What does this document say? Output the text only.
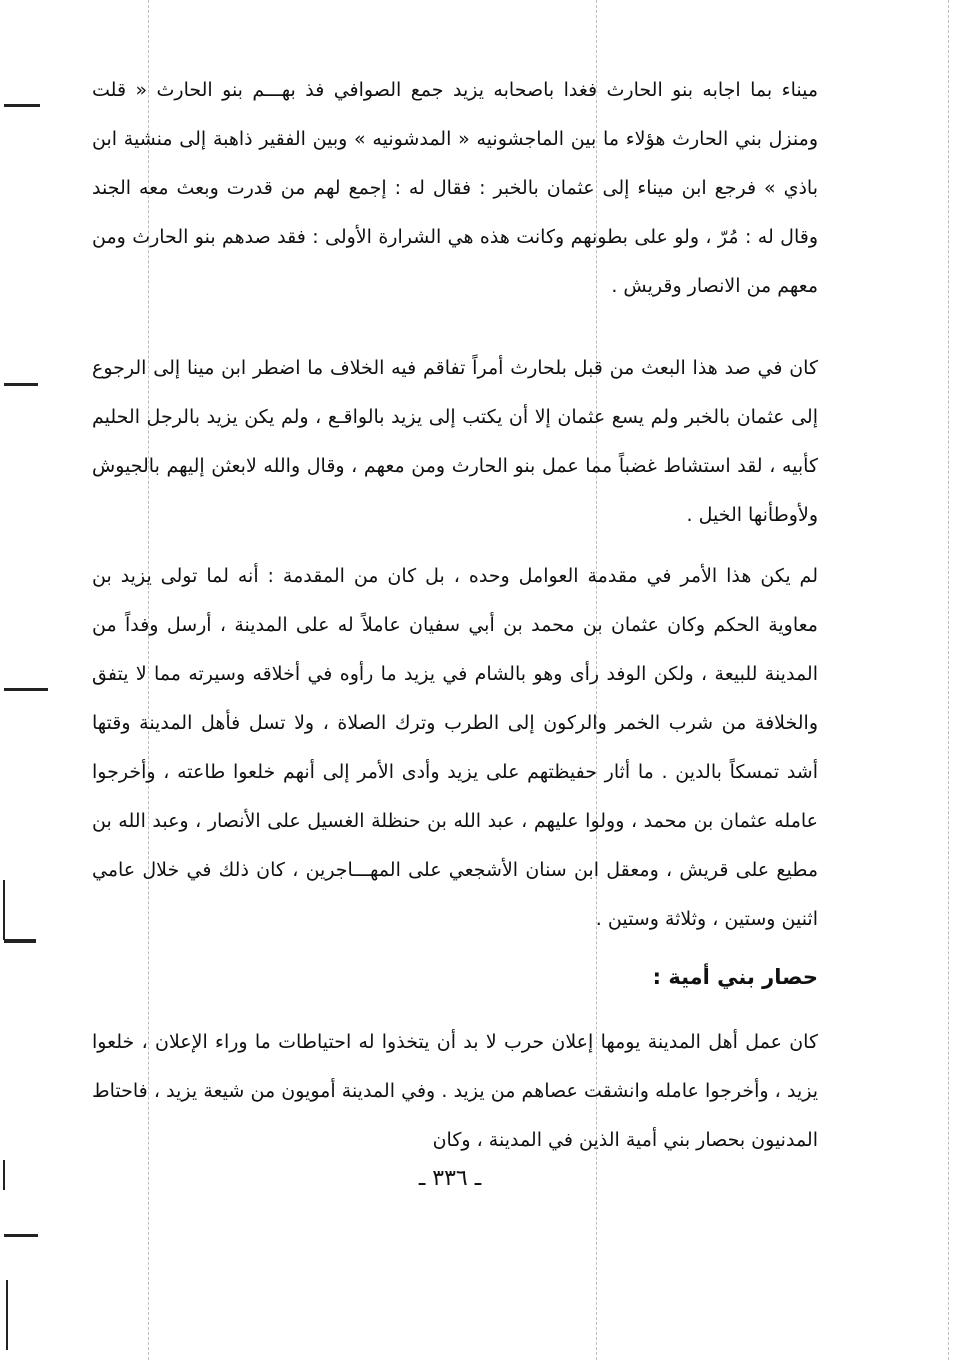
ميناء بما اجابه بنو الحارث فغدا باصحابه يزيد جمع الصوافي فذ بهـــم بنو الحارث « قلت ومنزل بني الحارث هؤلاء ما بين الماجشونيه « المدشونيه » وبين الفقير ذاهبة إلى منشية ابن باذي » فرجع ابن ميناء إلى عثمان بالخبر : فقال له : إجمع لهم من قدرت وبعث معه الجند وقال له : مُرّ ، ولو على بطونهم وكانت هذه هي الشرارة الأولى : فقد صدهم بنو الحارث ومن معهم من الانصار وقريش .

كان في صد هذا البعث من قبل بلحارث أمراً تفاقم فيه الخلاف ما اضطر ابن مينا إلى الرجوع إلى عثمان بالخبر ولم يسع عثمان إلا أن يكتب إلى يزيد بالواقـع ، ولم يكن يزيد بالرجل الحليم كأبيه ، لقد استشاط غضباً مما عمل بنو الحارث ومن معهم ، وقال والله لابعثن إليهم بالجيوش ولأوطأنها الخيل .

لم يكن هذا الأمر في مقدمة العوامل وحده ، بل كان من المقدمة : أنه لما تولى يزيد بن معاوية الحكم وكان عثمان بن محمد بن أبي سفيان عاملاً له على المدينة ، أرسل وفداً من المدينة للبيعة ، ولكن الوفد رأى وهو بالشام في يزيد ما رأوه في أخلاقه وسيرته مما لا يتفق والخلافة من شرب الخمر والركون إلى الطرب وترك الصلاة ، ولا تسل فأهل المدينة وقتها أشد تمسكاً بالدين . ما أثار حفيظتهم على يزيد وأدى الأمر إلى أنهم خلعوا طاعته ، وأخرجوا عامله عثمان بن محمد ، وولوا عليهم ، عبد الله بن حنظلة الغسيل على الأنصار ، وعبد الله بن مطيع على قريش ، ومعقل ابن سنان الأشجعي على المهـــاجرين ، كان ذلك في خلال عامي اثنين وستين ، وثلاثة وستين .

حصار بني أمية :

كان عمل أهل المدينة يومها إعلان حرب لا بد أن يتخذوا له احتياطات ما وراء الإعلان ، خلعوا يزيد ، وأخرجوا عامله وانشقت عصاهم من يزيد . وفي المدينة أمويون من شيعة يزيد ، فاحتاط المدنيون بحصار بني أمية الذين في المدينة ، وكان

ـ ٣٣٦ ـ
